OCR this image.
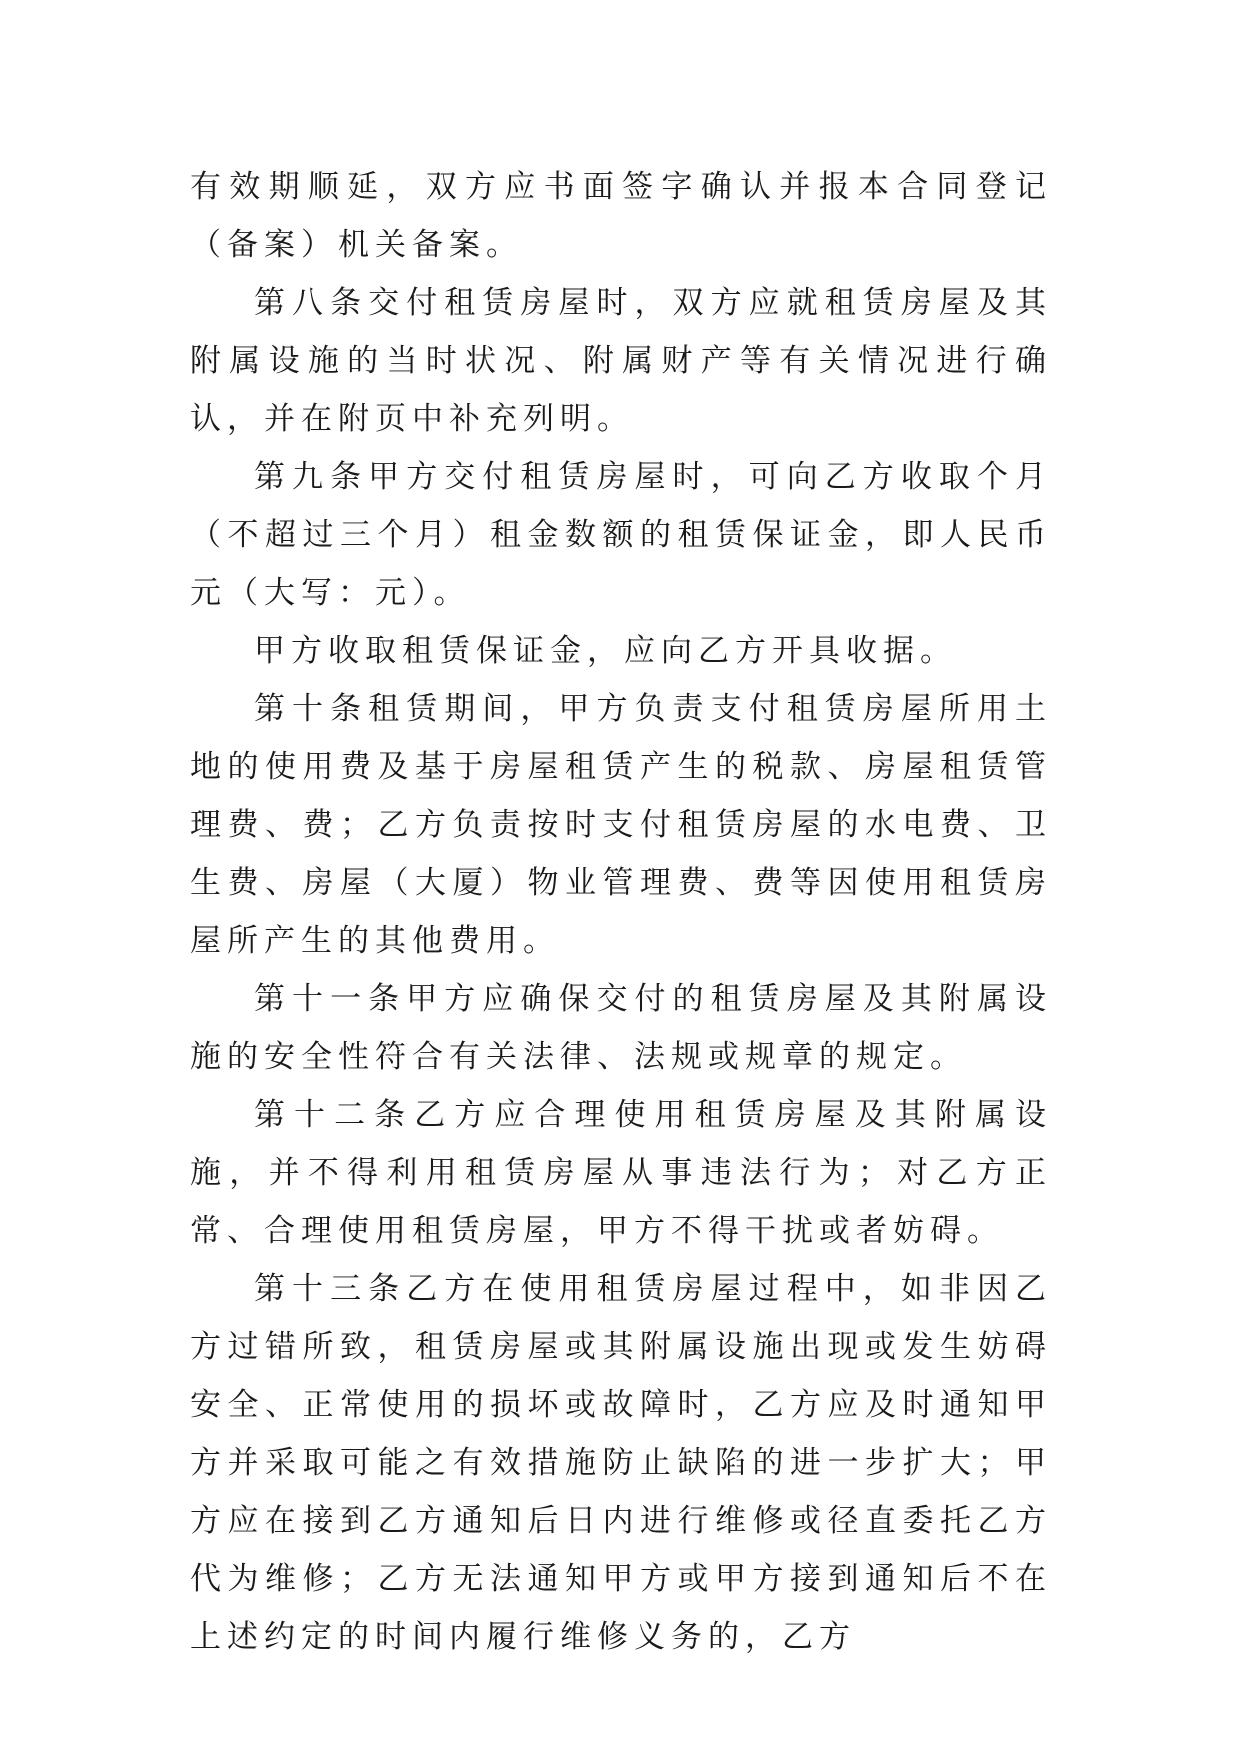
有效期顺延，双方应书面签字确认并报本合同登记（备案）机关备案。

第八条交付租赁房屋时，双方应就租赁房屋及其附属设施的当时状况、附属财产等有关情况进行确认，并在附页中补充列明。

第九条甲方交付租赁房屋时，可向乙方收取个月（不超过三个月）租金数额的租赁保证金，即人民币元（大写：元）。

甲方收取租赁保证金，应向乙方开具收据。

第十条租赁期间，甲方负责支付租赁房屋所用土地的使用费及基于房屋租赁产生的税款、房屋租赁管理费、费；乙方负责按时支付租赁房屋的水电费、卫生费、房屋（大厦）物业管理费、费等因使用租赁房屋所产生的其他费用。

第十一条甲方应确保交付的租赁房屋及其附属设施的安全性符合有关法律、法规或规章的规定。

第十二条乙方应合理使用租赁房屋及其附属设施，并不得利用租赁房屋从事违法行为；对乙方正常、合理使用租赁房屋，甲方不得干扰或者妨碍。

第十三条乙方在使用租赁房屋过程中，如非因乙方过错所致，租赁房屋或其附属设施出现或发生妨碍安全、正常使用的损坏或故障时，乙方应及时通知甲方并采取可能之有效措施防止缺陷的进一步扩大；甲方应在接到乙方通知后日内进行维修或径直委托乙方代为维修；乙方无法通知甲方或甲方接到通知后不在上述约定的时间内履行维修义务的，乙方
